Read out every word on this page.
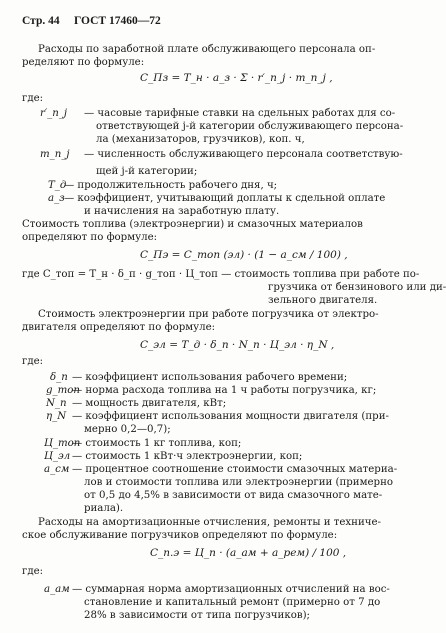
Стр. 44 ГОСТ 17460—72
Расходы по заработной плате обслуживающего персонала оп-
ределяют по формуле:
C_Пз = T_н · a_з · Σ · r′_n_j · m_n_j ,
где:
r′_n_j — часовые тарифные ставки на сдельных работах для со-
ответствующей j-й категории обслуживающего персона-
ла (механизаторов, грузчиков), коп. ч,
m_n_j — численность обслуживающего персонала соответствую-
щей j-й категории;
T_д
— продолжительность рабочего дня, ч;
a_з — коэффициент, учитывающий доплаты к сдельной оплате
и начисления на заработную плату.
Стоимость топлива (электроэнергии) и смазочных материалов
определяют по формуле:
C_Пэ = C_топ (эл) · (1 − a_см / 100) ,
где C_топ = T_н · δ_п · g_топ · Ц_топ — стоимость топлива при работе по-
грузчика от бензинового или ди-
зельного двигателя.
Стоимость электроэнергии при работе погрузчика от электро-
двигателя определяют по формуле:
C_эл = T_д · δ_п · N_п · Ц_эл · η_N ,
где:
δ_п — коэффициент использования рабочего времени;
g_топ
— норма расхода топлива на 1 ч работы погрузчика, кг;
N_п — мощность двигателя, кВт;
η_N — коэффициент использования мощности двигателя (при-
мерно 0,2—0,7);
Ц_топ
— стоимость 1 кг топлива, коп;
Ц_эл — стоимость 1 кВт·ч электроэнергии, коп;
a_см — процентное соотношение стоимости смазочных материа-
лов и стоимости топлива или электроэнергии (примерно
от 0,5 до 4,5% в зависимости от вида смазочного мате-
риала).
Расходы на амортизационные отчисления, ремонты и техниче-
ское обслуживание погрузчиков определяют по формуле:
C_п.э = Ц_п · (a_ам + a_рем) / 100 ,
где:
a_ам — суммарная норма амортизационных отчислений на вос-
становление и капитальный ремонт (примерно от 7 до
28% в зависимости от типа погрузчиков);
